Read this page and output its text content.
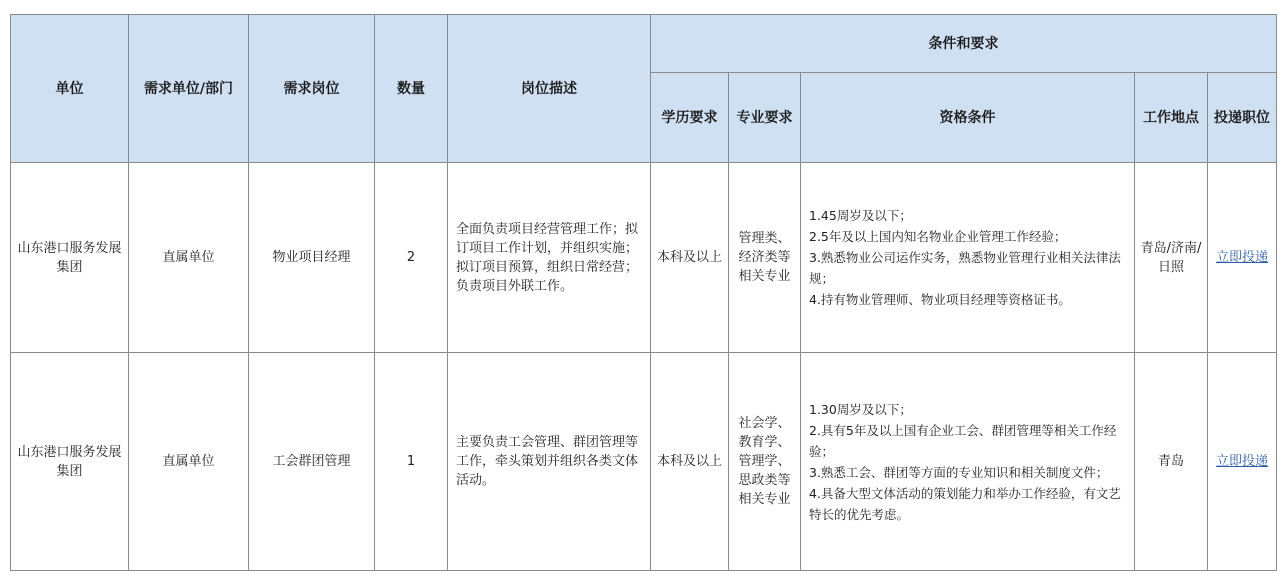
单位	需求单位/部门	需求岗位	数量	岗位描述	条件和要求				
					学历要求	专业要求	资格条件	工作地点	投递职位
山东港口服务发展集团	直属单位	物业项目经理	2	全面负责项目经营管理工作；拟订项目工作计划，并组织实施；拟订项目预算，组织日常经营；负责项目外联工作。	本科及以上	管理类、经济类等相关专业	1.45周岁及以下；
2.5年及以上国内知名物业企业管理工作经验；
3.熟悉物业公司运作实务，熟悉物业管理行业相关法律法规；
4.持有物业管理师、物业项目经理等资格证书。	青岛/济南/日照	立即投递
山东港口服务发展集团	直属单位	工会群团管理	1	主要负责工会管理、群团管理等工作，牵头策划并组织各类文体活动。	本科及以上	社会学、教育学、管理学、思政类等相关专业	1.30周岁及以下；
2.具有5年及以上国有企业工会、群团管理等相关工作经验；
3.熟悉工会、群团等方面的专业知识和相关制度文件；
4.具备大型文体活动的策划能力和举办工作经验，有文艺特长的优先考虑。	青岛	立即投递
